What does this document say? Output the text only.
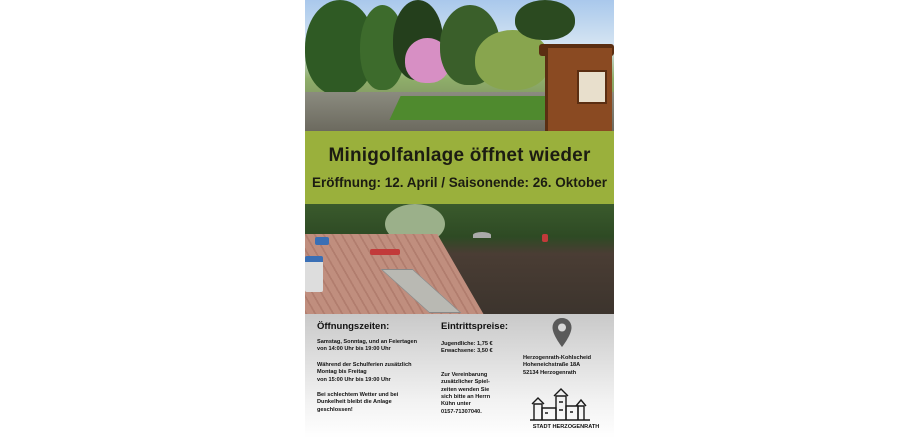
Minigolfanlage öffnet wieder
Eröffnung: 12. April / Saisonende: 26. Oktober
Öffnungszeiten:
Samstag, Sonntag, und an Feiertagen
von 14:00 Uhr bis 19:00 Uhr
Während der Schulferien zusätzlich
Montag bis Freitag
von 15:00 Uhr bis 19:00 Uhr
Bei schlechtem Wetter und bei
Dunkelheit bleibt die Anlage
geschlossen!
Eintrittspreise:
Jugendliche: 1,75 €
Erwachsene: 3,50 €
Zur Vereinbarung
zusätzlicher Spiel-
zeiten wenden Sie
sich bitte an Herrn
Kühn unter
0157-71307040.
Herzogenrath-Kohlscheid
Hoheneichstraße 18A
52134 Herzogenrath
STADT HERZOGENRATH
